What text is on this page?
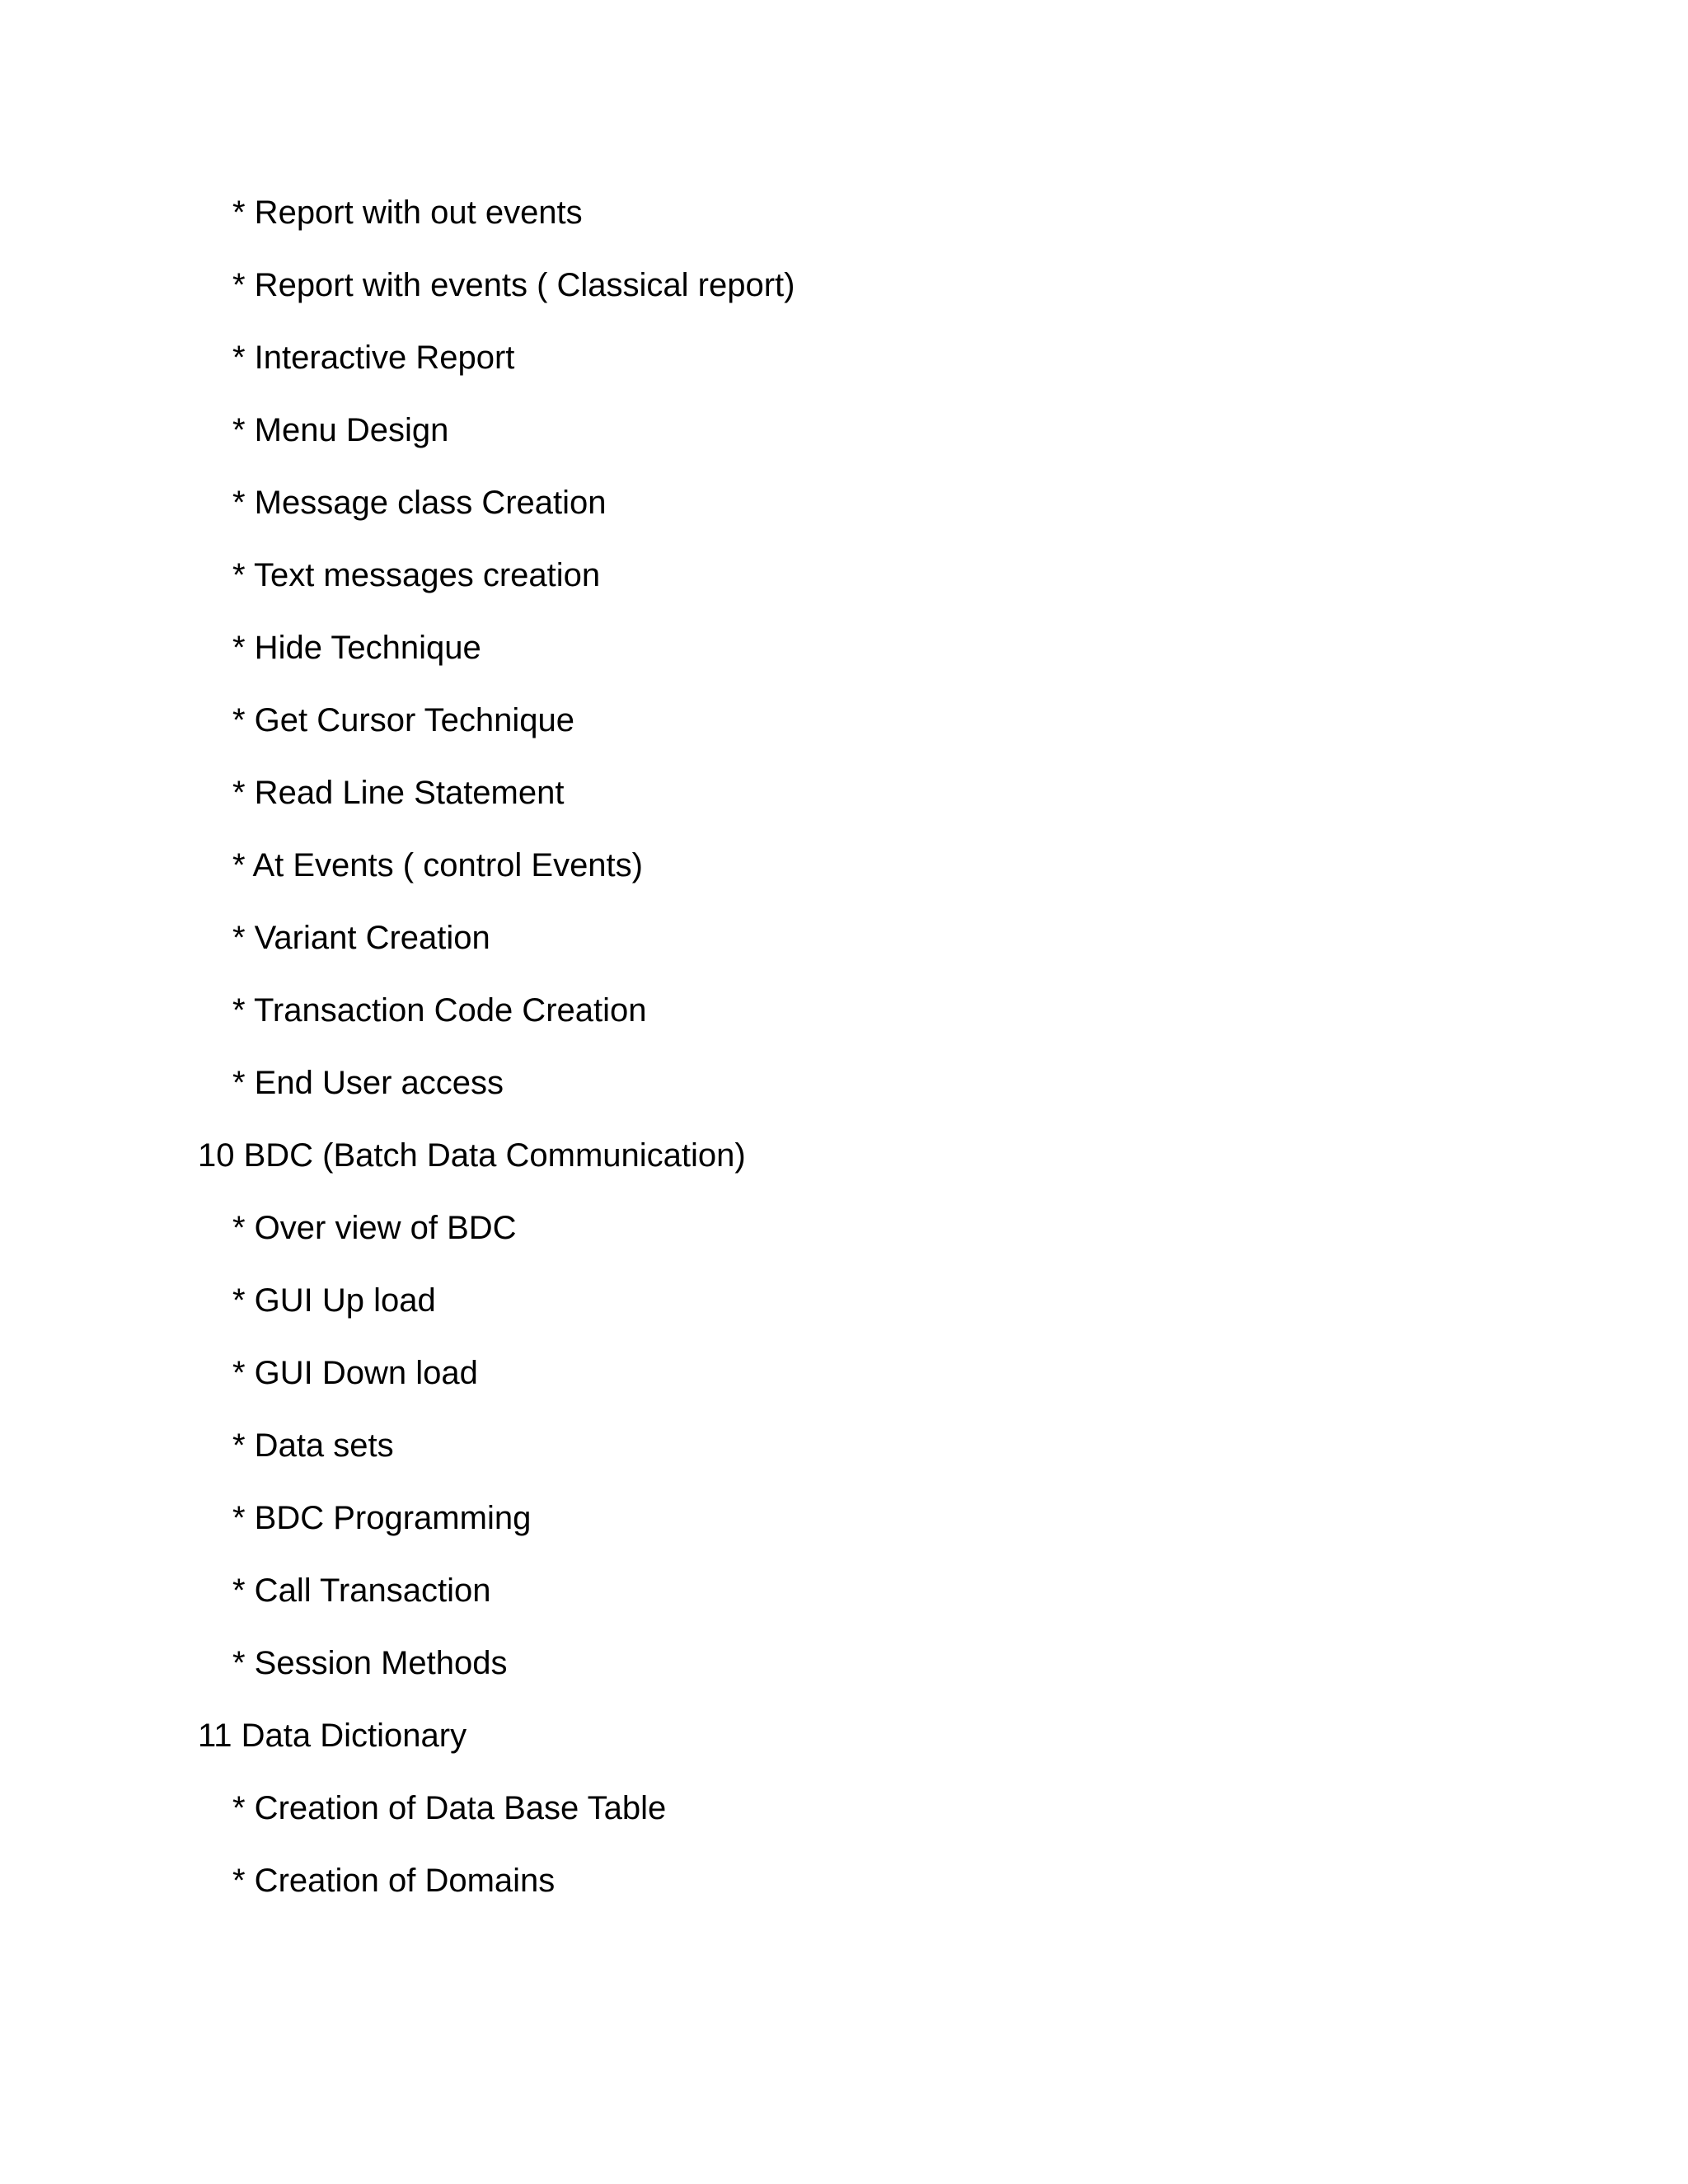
* Report with out events
* Report with events ( Classical report)
* Interactive Report
* Menu Design
* Message class Creation
* Text messages creation
* Hide Technique
* Get Cursor Technique
* Read Line Statement
* At Events ( control Events)
* Variant Creation
* Transaction Code Creation
* End User access
10 BDC (Batch Data Communication)
* Over view of BDC
* GUI Up load
* GUI Down load
* Data sets
* BDC Programming
* Call Transaction
* Session Methods
11 Data Dictionary
* Creation of Data Base Table
* Creation of Domains
